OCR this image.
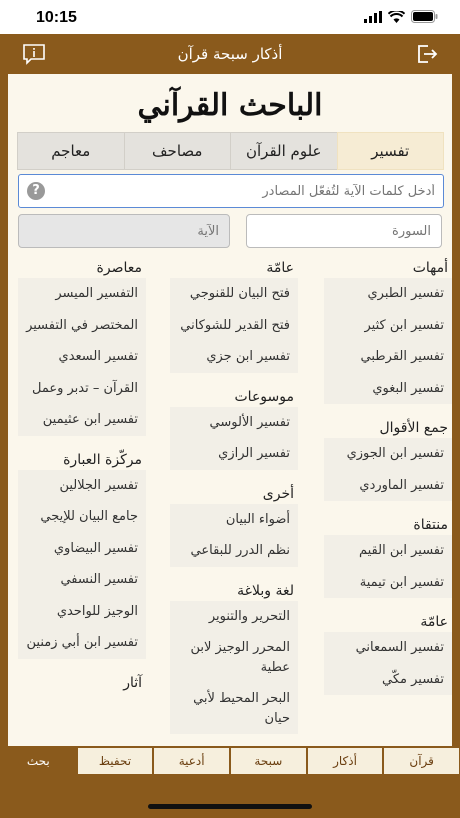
10:15
أذكار سبحة قرآن
الباحث القرآني
تفسير
علوم القرآن
مصاحف
معاجم
أدخل كلمات الآية لتُفعّل المصادر
?
السورة
الآية
أمهات
تفسير الطبري
تفسير ابن كثير
تفسير القرطبي
تفسير البغوي
جمع الأقوال
تفسير ابن الجوزي
تفسير الماوردي
منتقاة
تفسير ابن القيم
تفسير ابن تيمية
عامّة
تفسير السمعاني
تفسير مكّي
عامّة
فتح البيان للقنوجي
فتح القدير للشوكاني
تفسير ابن جزي
موسوعات
تفسير الألوسي
تفسير الرازي
أخرى
أضواء البيان
نظم الدرر للبقاعي
لغة وبلاغة
التحرير والتنوير
المحرر الوجيز لابن عطية
البحر المحيط لأبي حيان
معاصرة
التفسير الميسر
المختصر في التفسير
تفسير السعدي
القرآن – تدبر وعمل
تفسير ابن عثيمين
مركّزة العبارة
تفسير الجلالين
جامع البيان للإيجي
تفسير البيضاوي
تفسير النسفي
الوجيز للواحدي
تفسير ابن أبي زمنين
آثار
قرآن
أذكار
سبحة
أدعية
تحفيظ
بحث
